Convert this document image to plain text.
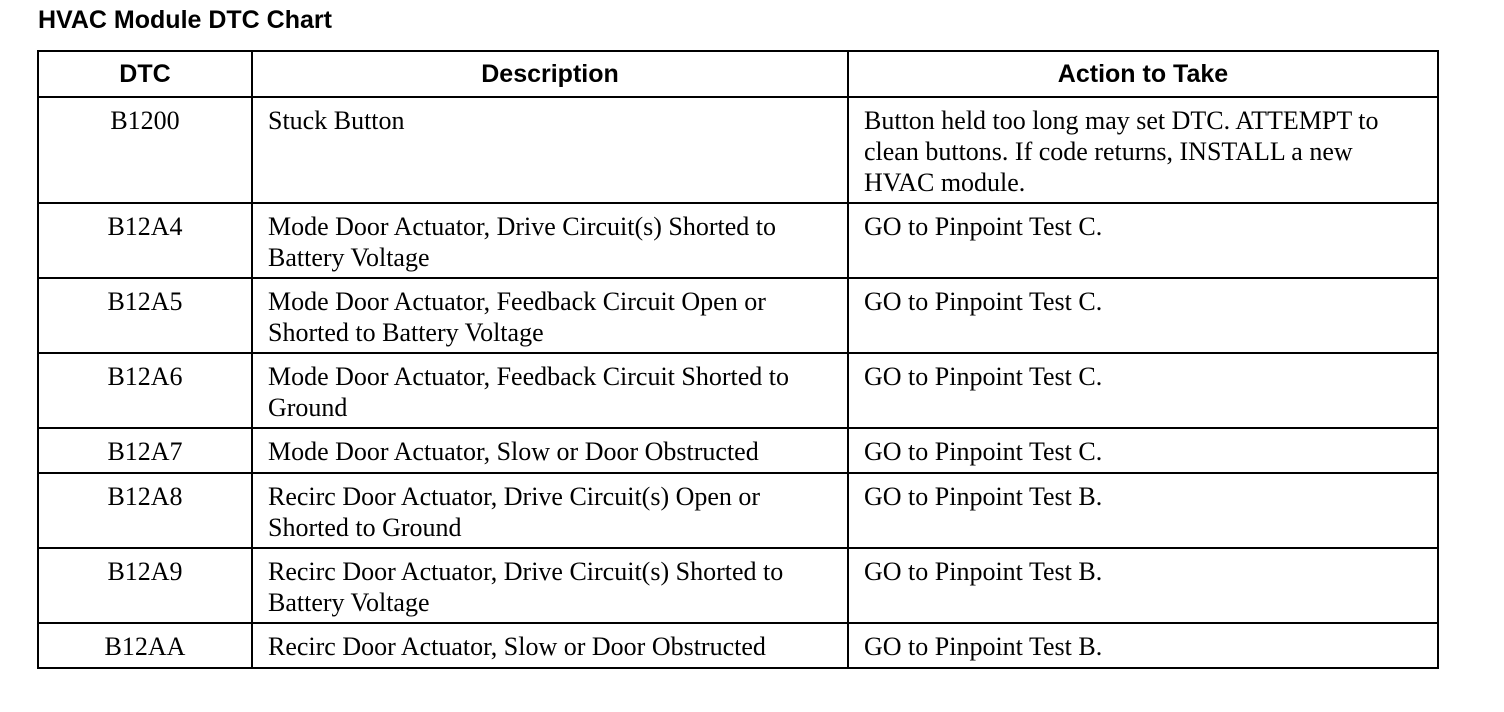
HVAC Module DTC Chart
DTC	Description	Action to Take
B1200	Stuck Button	Button held too long may set DTC. ATTEMPT to clean buttons. If code returns, INSTALL a new HVAC module.
B12A4	Mode Door Actuator, Drive Circuit(s) Shorted to Battery Voltage	GO to Pinpoint Test C.
B12A5	Mode Door Actuator, Feedback Circuit Open or Shorted to Battery Voltage	GO to Pinpoint Test C.
B12A6	Mode Door Actuator, Feedback Circuit Shorted to Ground	GO to Pinpoint Test C.
B12A7	Mode Door Actuator, Slow or Door Obstructed	GO to Pinpoint Test C.
B12A8	Recirc Door Actuator, Drive Circuit(s) Open or Shorted to Ground	GO to Pinpoint Test B.
B12A9	Recirc Door Actuator, Drive Circuit(s) Shorted to Battery Voltage	GO to Pinpoint Test B.
B12AA	Recirc Door Actuator, Slow or Door Obstructed	GO to Pinpoint Test B.
